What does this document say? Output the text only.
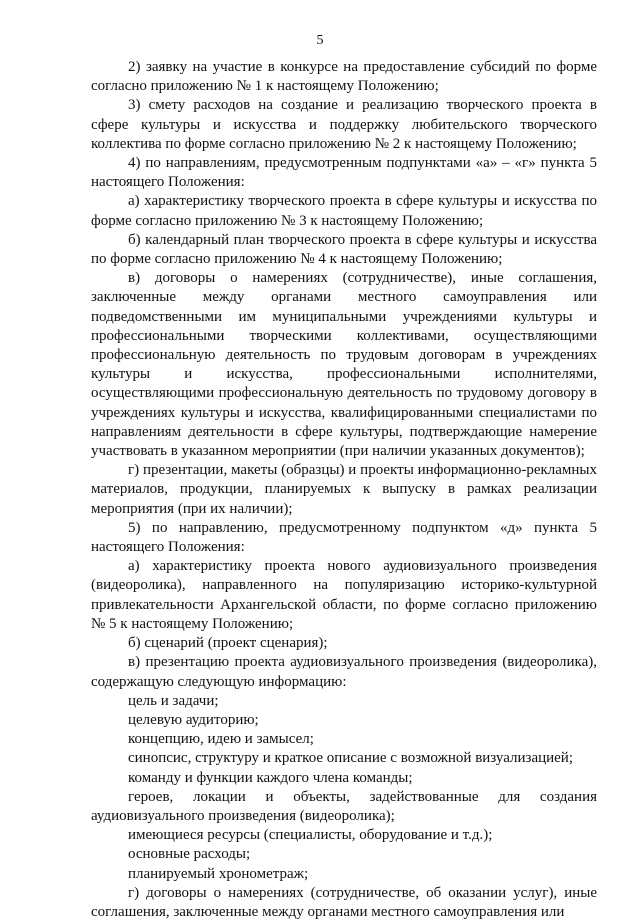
5

2) заявку на участие в конкурсе на предоставление субсидий по форме согласно приложению № 1 к настоящему Положению;

3) смету расходов на создание и реализацию творческого проекта в сфере культуры и искусства и поддержку любительского творческого коллектива по форме согласно приложению № 2 к настоящему Положению;

4) по направлениям, предусмотренным подпунктами «а» – «г» пункта 5 настоящего Положения:

а) характеристику творческого проекта в сфере культуры и искусства по форме согласно приложению № 3 к настоящему Положению;

б) календарный план творческого проекта в сфере культуры и искусства по форме согласно приложению № 4 к настоящему Положению;

в) договоры о намерениях (сотрудничестве), иные соглашения, заключенные между органами местного самоуправления или подведомственными им муниципальными учреждениями культуры и профессиональными творческими коллективами, осуществляющими профессиональную деятельность по трудовым договорам в учреждениях культуры и искусства, профессиональными исполнителями, осуществляющими профессиональную деятельность по трудовому договору в учреждениях культуры и искусства, квалифицированными специалистами по направлениям деятельности в сфере культуры, подтверждающие намерение участвовать в указанном мероприятии (при наличии указанных документов);

г) презентации, макеты (образцы) и проекты информационно-рекламных материалов, продукции, планируемых к выпуску в рамках реализации мероприятия (при их наличии);

5) по направлению, предусмотренному подпунктом «д» пункта 5 настоящего Положения:

а) характеристику проекта нового аудиовизуального произведения (видеоролика), направленного на популяризацию историко-культурной привлекательности Архангельской области, по форме согласно приложению № 5 к настоящему Положению;

б) сценарий (проект сценария);

в) презентацию проекта аудиовизуального произведения (видеоролика), содержащую следующую информацию:

цель и задачи;

целевую аудиторию;

концепцию, идею и замысел;

синопсис, структуру и краткое описание с возможной визуализацией;

команду и функции каждого члена команды;

героев, локации и объекты, задействованные для создания аудиовизуального произведения (видеоролика);

имеющиеся ресурсы (специалисты, оборудование и т.д.);

основные расходы;

планируемый хронометраж;

г) договоры о намерениях (сотрудничестве, об оказании услуг), иные соглашения, заключенные между органами местного самоуправления или
